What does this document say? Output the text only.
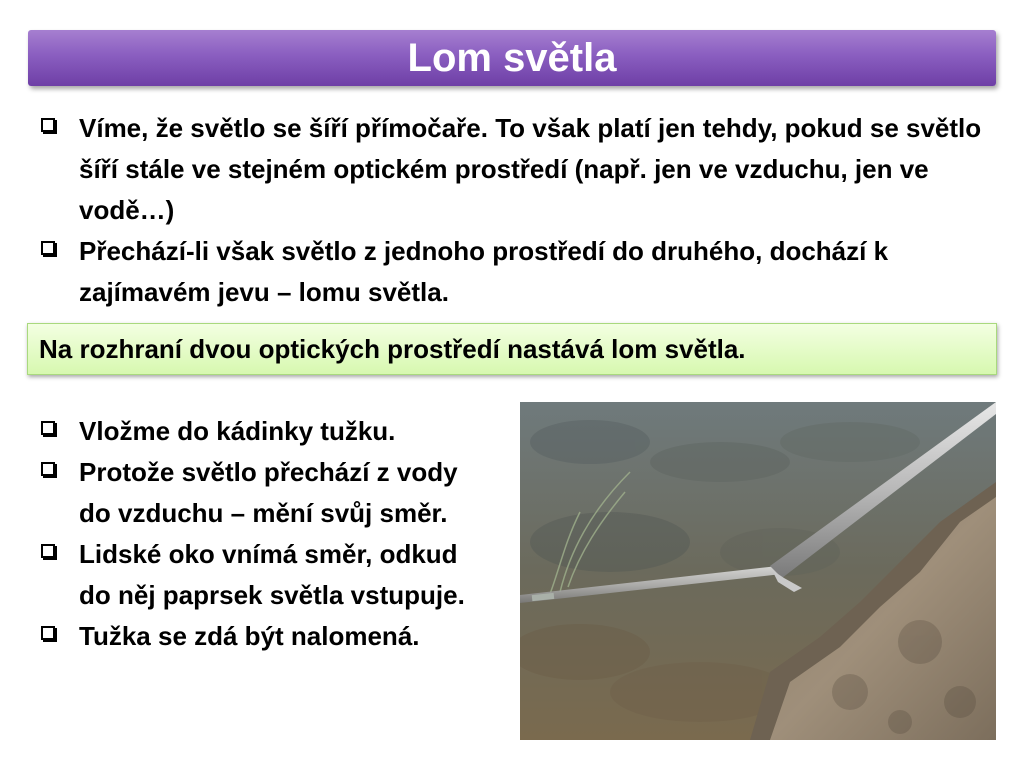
Lom světla
Víme, že světlo se šíří přímočaře. To však platí jen tehdy, pokud se světlo šíří stále ve stejném optickém prostředí (např. jen ve vzduchu, jen ve vodě…)
Přechází-li však světlo z jednoho prostředí do druhého, dochází k zajímavém jevu – lomu světla.
Na rozhraní dvou optických prostředí nastává lom světla.
Vložme do kádinky tužku.
Protože světlo přechází z vody do vzduchu – mění svůj směr.
Lidské oko vnímá směr, odkud do něj paprsek světla vstupuje.
Tužka se zdá být nalomená.
